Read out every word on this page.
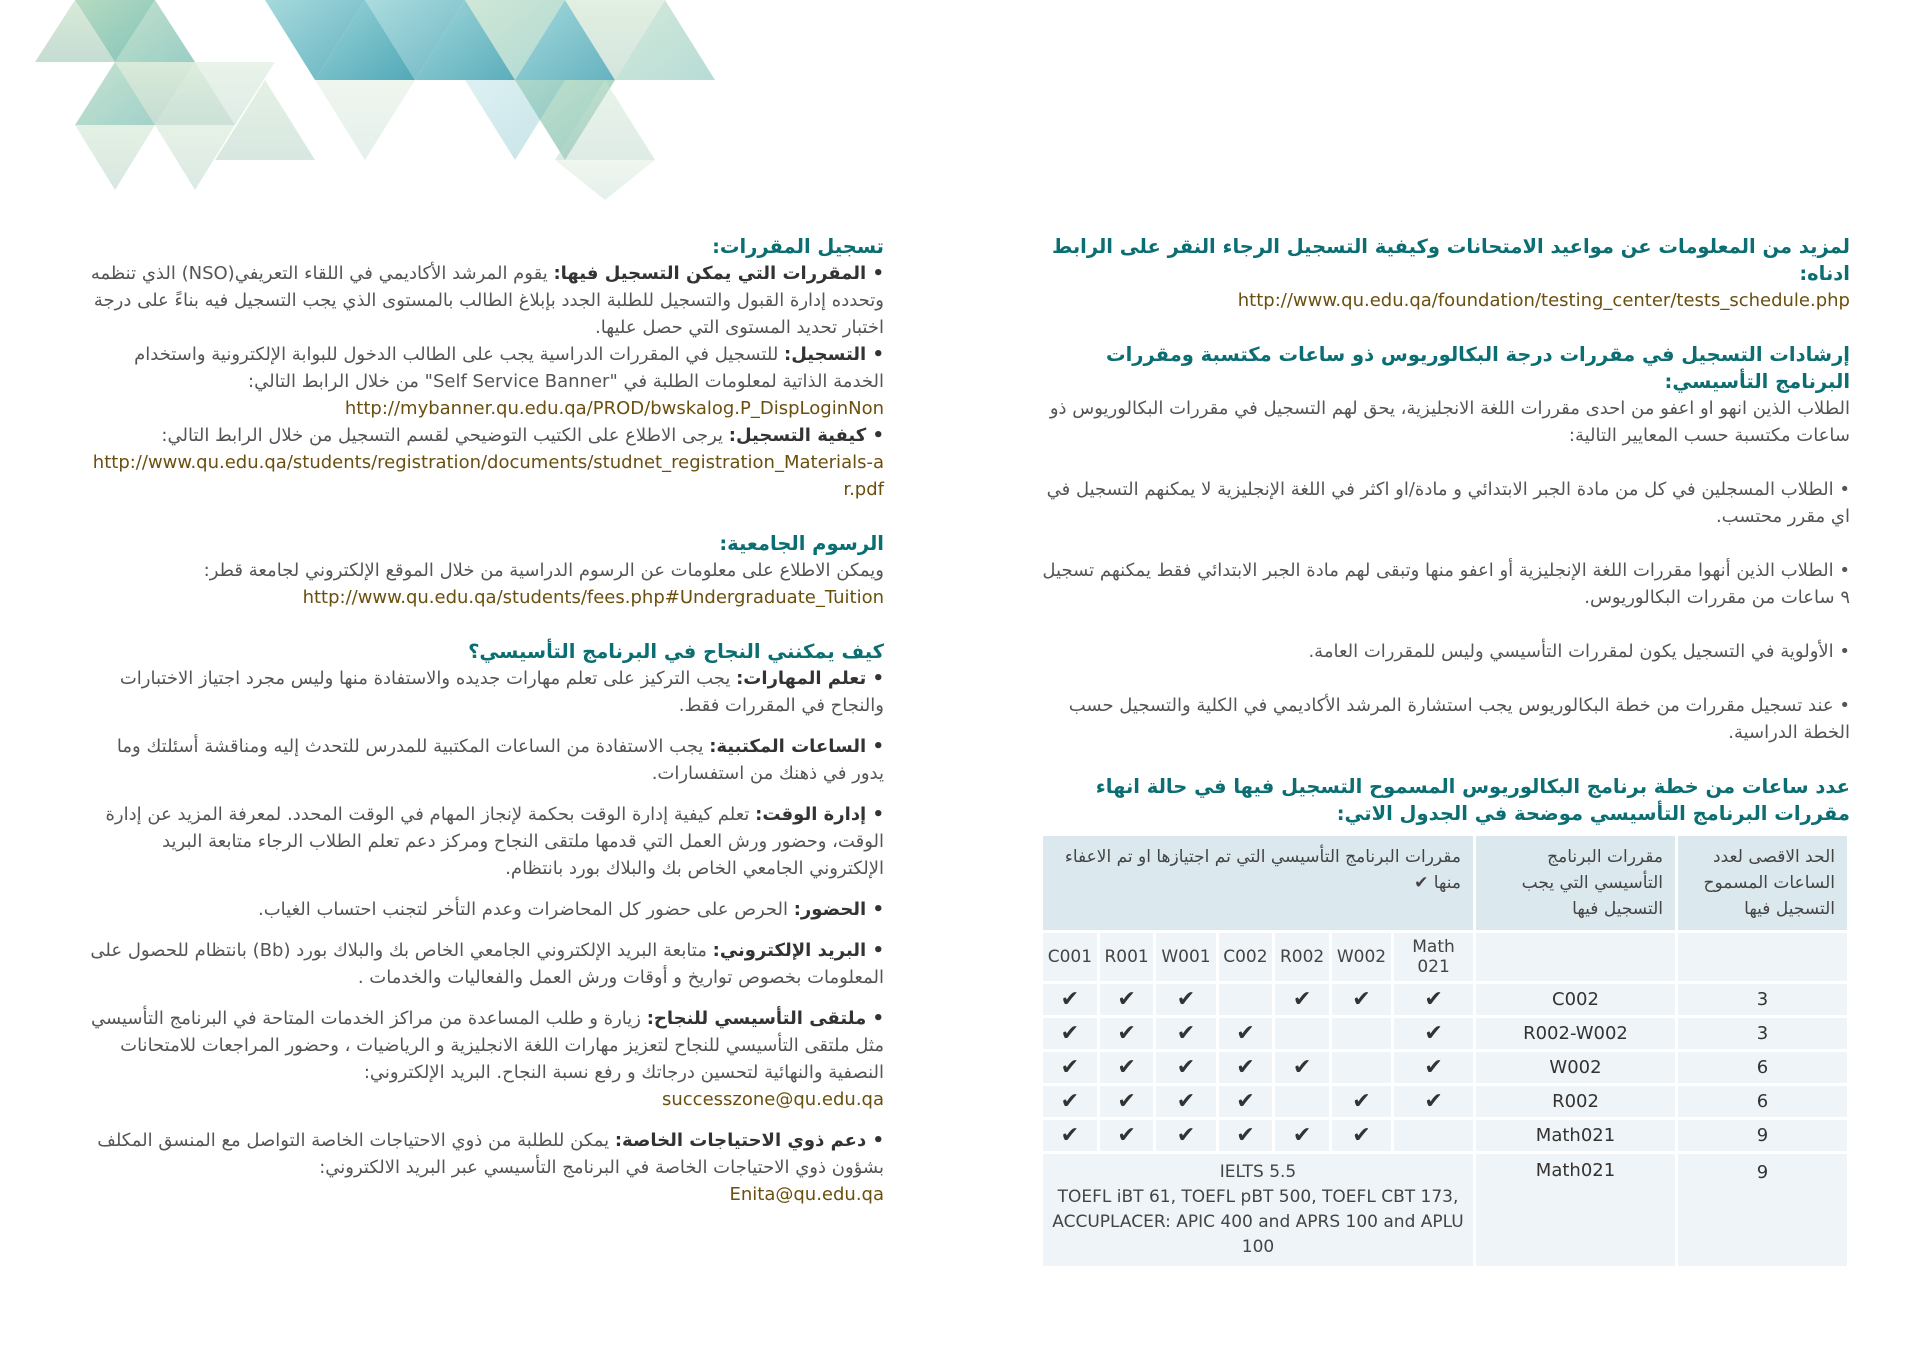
تسجيل المقررات:

• المقررات التي يمكن التسجيل فيها: يقوم المرشد الأكاديمي في اللقاء التعريفي(NSO) الذي تنظمه وتحدده إدارة القبول والتسجيل للطلبة الجدد بإبلاغ الطالب بالمستوى الذي يجب التسجيل فيه بناءً على درجة اختبار تحديد المستوى التي حصل عليها.

• التسجيل: للتسجيل في المقررات الدراسية يجب على الطالب الدخول للبوابة الإلكترونية واستخدام الخدمة الذاتية لمعلومات الطلبة في "Self Service Banner" من خلال الرابط التالي:

http://mybanner.qu.edu.qa/PROD/bwskalog.P_DispLoginNon

• كيفية التسجيل: يرجى الاطلاع على الكتيب التوضيحي لقسم التسجيل من خلال الرابط التالي:

http://www.qu.edu.qa/students/registration/documents/studnet_registration_Materials-ar.pdf

الرسوم الجامعية:

ويمكن الاطلاع على معلومات عن الرسوم الدراسية من خلال الموقع الإلكتروني لجامعة قطر:

http://www.qu.edu.qa/students/fees.php#Undergraduate_Tuition

كيف يمكنني النجاح في البرنامج التأسيسي؟

• تعلم المهارات: يجب التركيز على تعلم مهارات جديده والاستفادة منها وليس مجرد اجتياز الاختبارات والنجاح في المقررات فقط.

• الساعات المكتبية: يجب الاستفادة من الساعات المكتبية للمدرس للتحدث إليه ومناقشة أسئلتك وما يدور في ذهنك من استفسارات.

• إدارة الوقت: تعلم كيفية إدارة الوقت بحكمة لإنجاز المهام في الوقت المحدد. لمعرفة المزيد عن إدارة الوقت، وحضور ورش العمل التي قدمها ملتقى النجاح ومركز دعم تعلم الطلاب الرجاء متابعة البريد الإلكتروني الجامعي الخاص بك والبلاك بورد بانتظام.

• الحضور: الحرص على حضور كل المحاضرات وعدم التأخر لتجنب احتساب الغياب.

• البريد الإلكتروني: متابعة البريد الإلكتروني الجامعي الخاص بك والبلاك بورد (Bb) بانتظام للحصول على المعلومات بخصوص تواريخ و أوقات ورش العمل والفعاليات والخدمات .

• ملتقى التأسيسي للنجاح: زيارة و طلب المساعدة من مراكز الخدمات المتاحة في البرنامج التأسيسي مثل ملتقى التأسيسي للنجاح لتعزيز مهارات اللغة الانجليزية و الرياضيات ، وحضور المراجعات للامتحانات النصفية والنهائية لتحسين درجاتك و رفع نسبة النجاح. البريد الإلكتروني:

successzone@qu.edu.qa

• دعم ذوي الاحتياجات الخاصة: يمكن للطلبة من ذوي الاحتياجات الخاصة التواصل مع المنسق المكلف بشؤون ذوي الاحتياجات الخاصة في البرنامج التأسيسي عبر البريد الالكتروني:

Enita@qu.edu.qa

لمزيد من المعلومات عن مواعيد الامتحانات وكيفية التسجيل الرجاء النقر على الرابط ادناه:

http://www.qu.edu.qa/foundation/testing_center/tests_schedule.php

إرشادات التسجيل في مقررات درجة البكالوريوس ذو ساعات مكتسبة ومقررات البرنامج التأسيسي:

الطلاب الذين انهو او اعفو من احدى مقررات اللغة الانجليزية، يحق لهم التسجيل في مقررات البكالوريوس ذو ساعات مكتسبة حسب المعايير التالية:

• الطلاب المسجلين في كل من مادة الجبر الابتدائي و مادة/او اكثر في اللغة الإنجليزية لا يمكنهم التسجيل في اي مقرر محتسب.

• الطلاب الذين أنهوا مقررات اللغة الإنجليزية أو اعفو منها وتبقى لهم مادة الجبر الابتدائي فقط يمكنهم تسجيل ٩ ساعات من مقررات البكالوريوس.

• الأولوية في التسجيل يكون لمقررات التأسيسي وليس للمقررات العامة.

• عند تسجيل مقررات من خطة البكالوريوس يجب استشارة المرشد الأكاديمي في الكلية والتسجيل حسب الخطة الدراسية.

عدد ساعات من خطة برنامج البكالوريوس المسموح التسجيل فيها في حالة انهاء مقررات البرنامج التأسيسي موضحة في الجدول الاتي:

الحد الاقصى لعدد الساعات المسموح التسجيل فيها	مقررات البرنامج التأسيسي التي يجب التسجيل فيها	مقررات البرنامج التأسيسي التي تم اجتيازها او تم الاعفاء منها ✔						
		Math 021	W002	R002	C002	W001	R001	C001
3	C002	✔	✔	✔		✔	✔	✔
3	R002-W002	✔			✔	✔	✔	✔
6	W002	✔		✔	✔	✔	✔	✔
6	R002	✔	✔		✔	✔	✔	✔
9	Math021		✔	✔	✔	✔	✔	✔
9	Math021	IELTS 5.5
TOEFL iBT 61, TOEFL pBT 500, TOEFL CBT 173,
ACCUPLACER: APIC 400 and APRS 100 and APLU 100						
